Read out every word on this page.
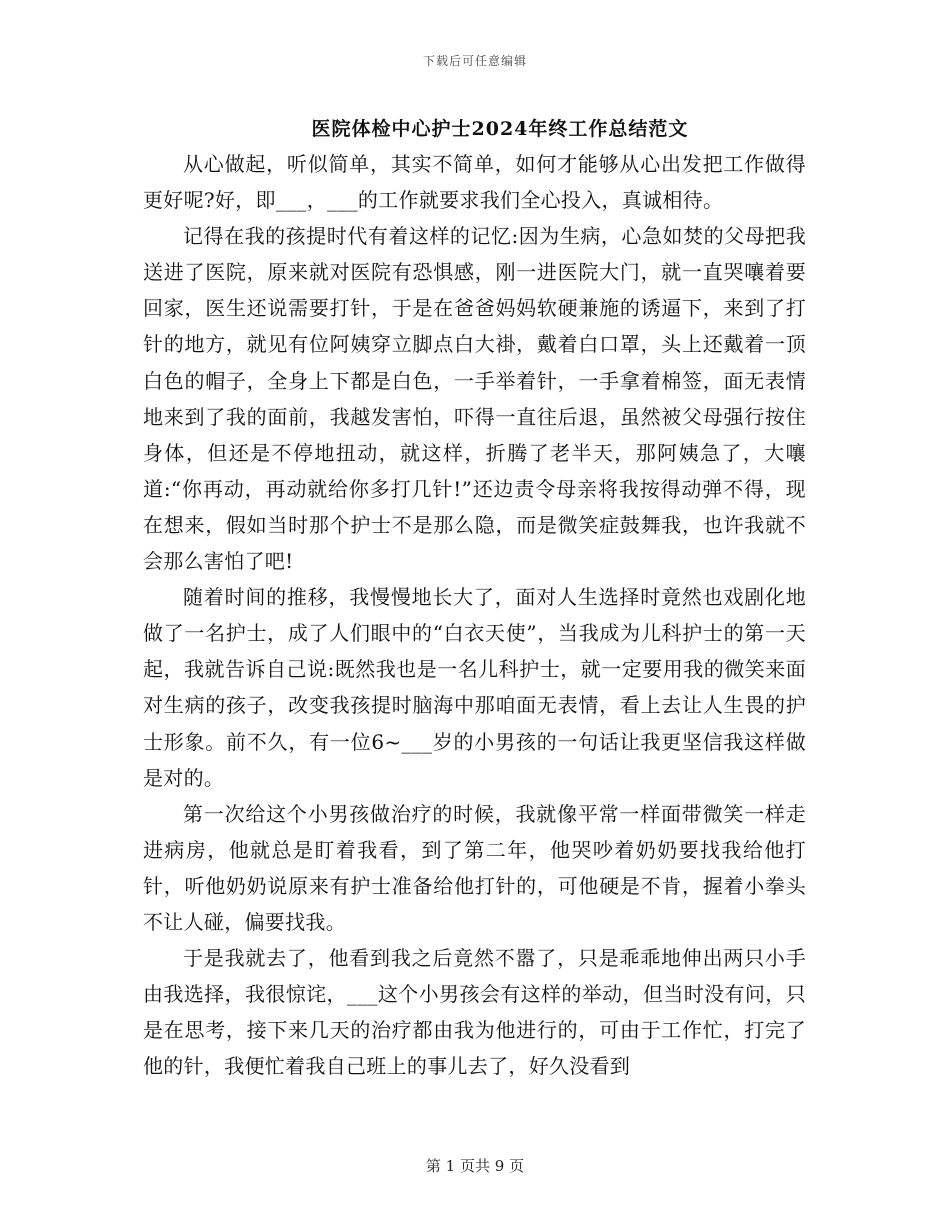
下载后可任意编辑
医院体检中心护士2024年终工作总结范文

从心做起，听似简单，其实不简单，如何才能够从心出发把工作做得更好呢?好，即___，___的工作就要求我们全心投入，真诚相待。

记得在我的孩提时代有着这样的记忆:因为生病，心急如焚的父母把我送进了医院，原来就对医院有恐惧感，刚一进医院大门，就一直哭嚷着要回家，医生还说需要打针，于是在爸爸妈妈软硬兼施的诱逼下，来到了打针的地方，就见有位阿姨穿立脚点白大褂，戴着白口罩，头上还戴着一顶白色的帽子，全身上下都是白色，一手举着针，一手拿着棉签，面无表情地来到了我的面前，我越发害怕，吓得一直往后退，虽然被父母强行按住身体，但还是不停地扭动，就这样，折腾了老半天，那阿姨急了，大嚷道:“你再动，再动就给你多打几针!”还边责令母亲将我按得动弹不得，现在想来，假如当时那个护士不是那么隐，而是微笑症鼓舞我，也许我就不会那么害怕了吧!

随着时间的推移，我慢慢地长大了，面对人生选择时竟然也戏剧化地做了一名护士，成了人们眼中的“白衣天使”，当我成为儿科护士的第一天起，我就告诉自己说:既然我也是一名儿科护士，就一定要用我的微笑来面对生病的孩子，改变我孩提时脑海中那咱面无表情，看上去让人生畏的护士形象。前不久，有一位6~___岁的小男孩的一句话让我更坚信我这样做是对的。

第一次给这个小男孩做治疗的时候，我就像平常一样面带微笑一样走进病房，他就总是盯着我看，到了第二年，他哭吵着奶奶要找我给他打针，听他奶奶说原来有护士准备给他打针的，可他硬是不肯，握着小拳头不让人碰，偏要找我。

于是我就去了，他看到我之后竟然不嚣了，只是乖乖地伸出两只小手由我选择，我很惊诧，___这个小男孩会有这样的举动，但当时没有问，只是在思考，接下来几天的治疗都由我为他进行的，可由于工作忙，打完了他的针，我便忙着我自己班上的事儿去了，好久没看到

第 1 页共 9 页
